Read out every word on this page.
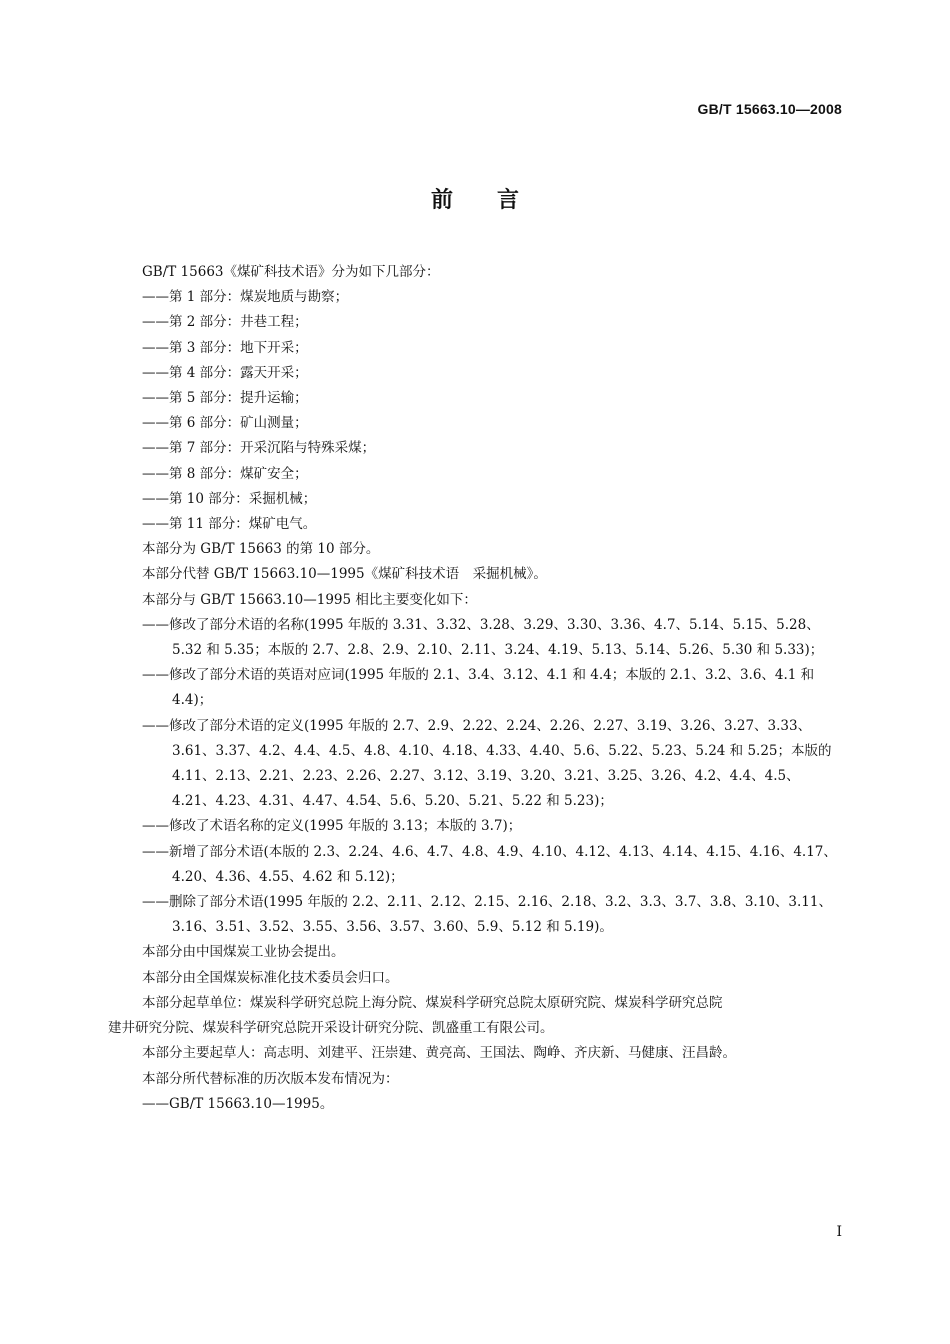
GB/T 15663.10—2008
前　　言

GB/T 15663《煤矿科技术语》分为如下几部分：

——第 1 部分：煤炭地质与勘察；

——第 2 部分：井巷工程；

——第 3 部分：地下开采；

——第 4 部分：露天开采；

——第 5 部分：提升运输；

——第 6 部分：矿山测量；

——第 7 部分：开采沉陷与特殊采煤；

——第 8 部分：煤矿安全；

——第 10 部分：采掘机械；

——第 11 部分：煤矿电气。

本部分为 GB/T 15663 的第 10 部分。

本部分代替 GB/T 15663.10—1995《煤矿科技术语　采掘机械》。

本部分与 GB/T 15663.10—1995 相比主要变化如下：

——修改了部分术语的名称(1995 年版的 3.31、3.32、3.28、3.29、3.30、3.36、4.7、5.14、5.15、5.28、5.32 和 5.35；本版的 2.7、2.8、2.9、2.10、2.11、3.24、4.19、5.13、5.14、5.26、5.30 和 5.33)；

——修改了部分术语的英语对应词(1995 年版的 2.1、3.4、3.12、4.1 和 4.4；本版的 2.1、3.2、3.6、4.1 和 4.4)；

——修改了部分术语的定义(1995 年版的 2.7、2.9、2.22、2.24、2.26、2.27、3.19、3.26、3.27、3.33、3.61、3.37、4.2、4.4、4.5、4.8、4.10、4.18、4.33、4.40、5.6、5.22、5.23、5.24 和 5.25；本版的 4.11、2.13、2.21、2.23、2.26、2.27、3.12、3.19、3.20、3.21、3.25、3.26、4.2、4.4、4.5、4.21、4.23、4.31、4.47、4.54、5.6、5.20、5.21、5.22 和 5.23)；

——修改了术语名称的定义(1995 年版的 3.13；本版的 3.7)；

——新增了部分术语(本版的 2.3、2.24、4.6、4.7、4.8、4.9、4.10、4.12、4.13、4.14、4.15、4.16、4.17、4.20、4.36、4.55、4.62 和 5.12)；

——删除了部分术语(1995 年版的 2.2、2.11、2.12、2.15、2.16、2.18、3.2、3.3、3.7、3.8、3.10、3.11、3.16、3.51、3.52、3.55、3.56、3.57、3.60、5.9、5.12 和 5.19)。

本部分由中国煤炭工业协会提出。

本部分由全国煤炭标准化技术委员会归口。

本部分起草单位：煤炭科学研究总院上海分院、煤炭科学研究总院太原研究院、煤炭科学研究总院

建井研究分院、煤炭科学研究总院开采设计研究分院、凯盛重工有限公司。

本部分主要起草人：高志明、刘建平、汪崇建、黄亮高、王国法、陶峥、齐庆新、马健康、汪昌龄。

本部分所代替标准的历次版本发布情况为：

——GB/T 15663.10—1995。

I
